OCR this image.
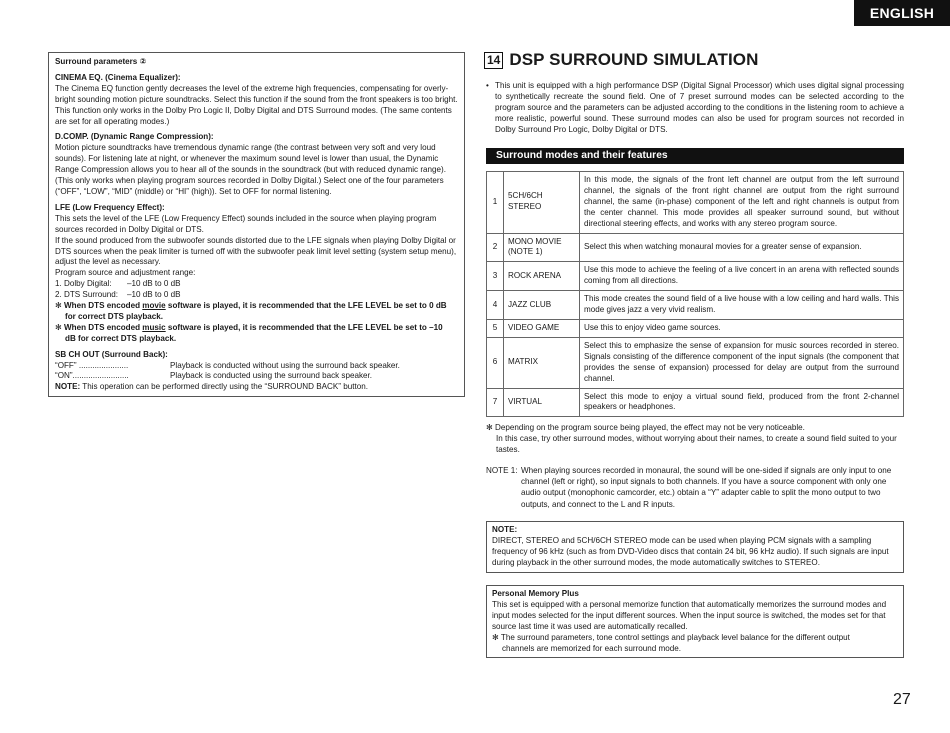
ENGLISH

Surround parameters ②

CINEMA EQ. (Cinema Equalizer):

The Cinema EQ function gently decreases the level of the extreme high frequencies, compensating for overly-bright sounding motion picture soundtracks. Select this function if the sound from the front speakers is too bright.

This function only works in the Dolby Pro Logic II, Dolby Digital and DTS Surround modes. (The same contents are set for all operating modes.)

D.COMP. (Dynamic Range Compression):

Motion picture soundtracks have tremendous dynamic range (the contrast between very soft and very loud sounds). For listening late at night, or whenever the maximum sound level is lower than usual, the Dynamic Range Compression allows you to hear all of the sounds in the soundtrack (but with reduced dynamic range). (This only works when playing program sources recorded in Dolby Digital.) Select one of the four parameters (“OFF”, “LOW”, “MID” (middle) or “HI” (high)). Set to OFF for normal listening.

LFE (Low Frequency Effect):

This sets the level of the LFE (Low Frequency Effect) sounds included in the source when playing program sources recorded in Dolby Digital or DTS.

If the sound produced from the subwoofer sounds distorted due to the LFE signals when playing Dolby Digital or DTS sources when the peak limiter is turned off with the subwoofer peak limit level setting (system setup menu), adjust the level as necessary.

Program source and adjustment range:

1. Dolby Digital:	–10 dB to 0 dB
2. DTS Surround:	–10 dB to 0 dB

✻ When DTS encoded movie software is played, it is recommended that the LFE LEVEL be set to 0 dB
for correct DTS playback.

✻ When DTS encoded music software is played, it is recommended that the LFE LEVEL be set to –10
dB for correct DTS playback.

SB CH OUT (Surround Back):

“OFF” ......................	Playback is conducted without using the surround back speaker.
“ON”.........................	Playback is conducted using the surround back speaker.

NOTE: This operation can be performed directly using the “SURROUND BACK” button.

14 DSP SURROUND SIMULATION
• This unit is equipped with a high performance DSP (Digital Signal Processor) which uses digital signal processing to synthetically recreate the sound field. One of 7 preset surround modes can be selected according to the program source and the parameters can be adjusted according to the conditions in the listening room to achieve a more realistic, powerful sound. These surround modes can also be used for program sources not recorded in Dolby Surround Pro Logic, Dolby Digital or DTS.
Surround modes and their features
1	5CH/6CH STEREO	In this mode, the signals of the front left channel are output from the left surround channel, the signals of the front right channel are output from the right surround channel, the same (in-phase) component of the left and right channels is output from the center channel. This mode provides all speaker surround sound, but without directional steering effects, and works with any stereo program source.
2	MONO MOVIE (NOTE 1)	Select this when watching monaural movies for a greater sense of expansion.
3	ROCK ARENA	Use this mode to achieve the feeling of a live concert in an arena with reflected sounds coming from all directions.
4	JAZZ CLUB	This mode creates the sound field of a live house with a low ceiling and hard walls. This mode gives jazz a very vivid realism.
5	VIDEO GAME	Use this to enjoy video game sources.
6	MATRIX	Select this to emphasize the sense of expansion for music sources recorded in stereo. Signals consisting of the difference component of the input signals (the component that provides the sense of expansion) processed for delay are output from the surround channel.
7	VIRTUAL	Select this mode to enjoy a virtual sound field, produced from the front 2-channel speakers or headphones.
✻ Depending on the program source being played, the effect may not be very noticeable.
In this case, try other surround modes, without worrying about their names, to create a sound field suited to your tastes.
NOTE 1: When playing sources recorded in monaural, the sound will be one-sided if signals are only input to one channel (left or right), so input signals to both channels. If you have a source component with only one audio output (monophonic camcorder, etc.) obtain a “Y” adapter cable to split the mono output to two outputs, and connect to the L and R inputs.
NOTE:
DIRECT, STEREO and 5CH/6CH STEREO mode can be used when playing PCM signals with a sampling frequency of 96 kHz (such as from DVD-Video discs that contain 24 bit, 96 kHz audio). If such signals are input during playback in the other surround modes, the mode automatically switches to STEREO.
Personal Memory Plus
This set is equipped with a personal memorize function that automatically memorizes the surround modes and input modes selected for the input different sources. When the input source is switched, the modes set for that source last time it was used are automatically recalled.
✻ The surround parameters, tone control settings and playback level balance for the different output
channels are memorized for each surround mode.
27
